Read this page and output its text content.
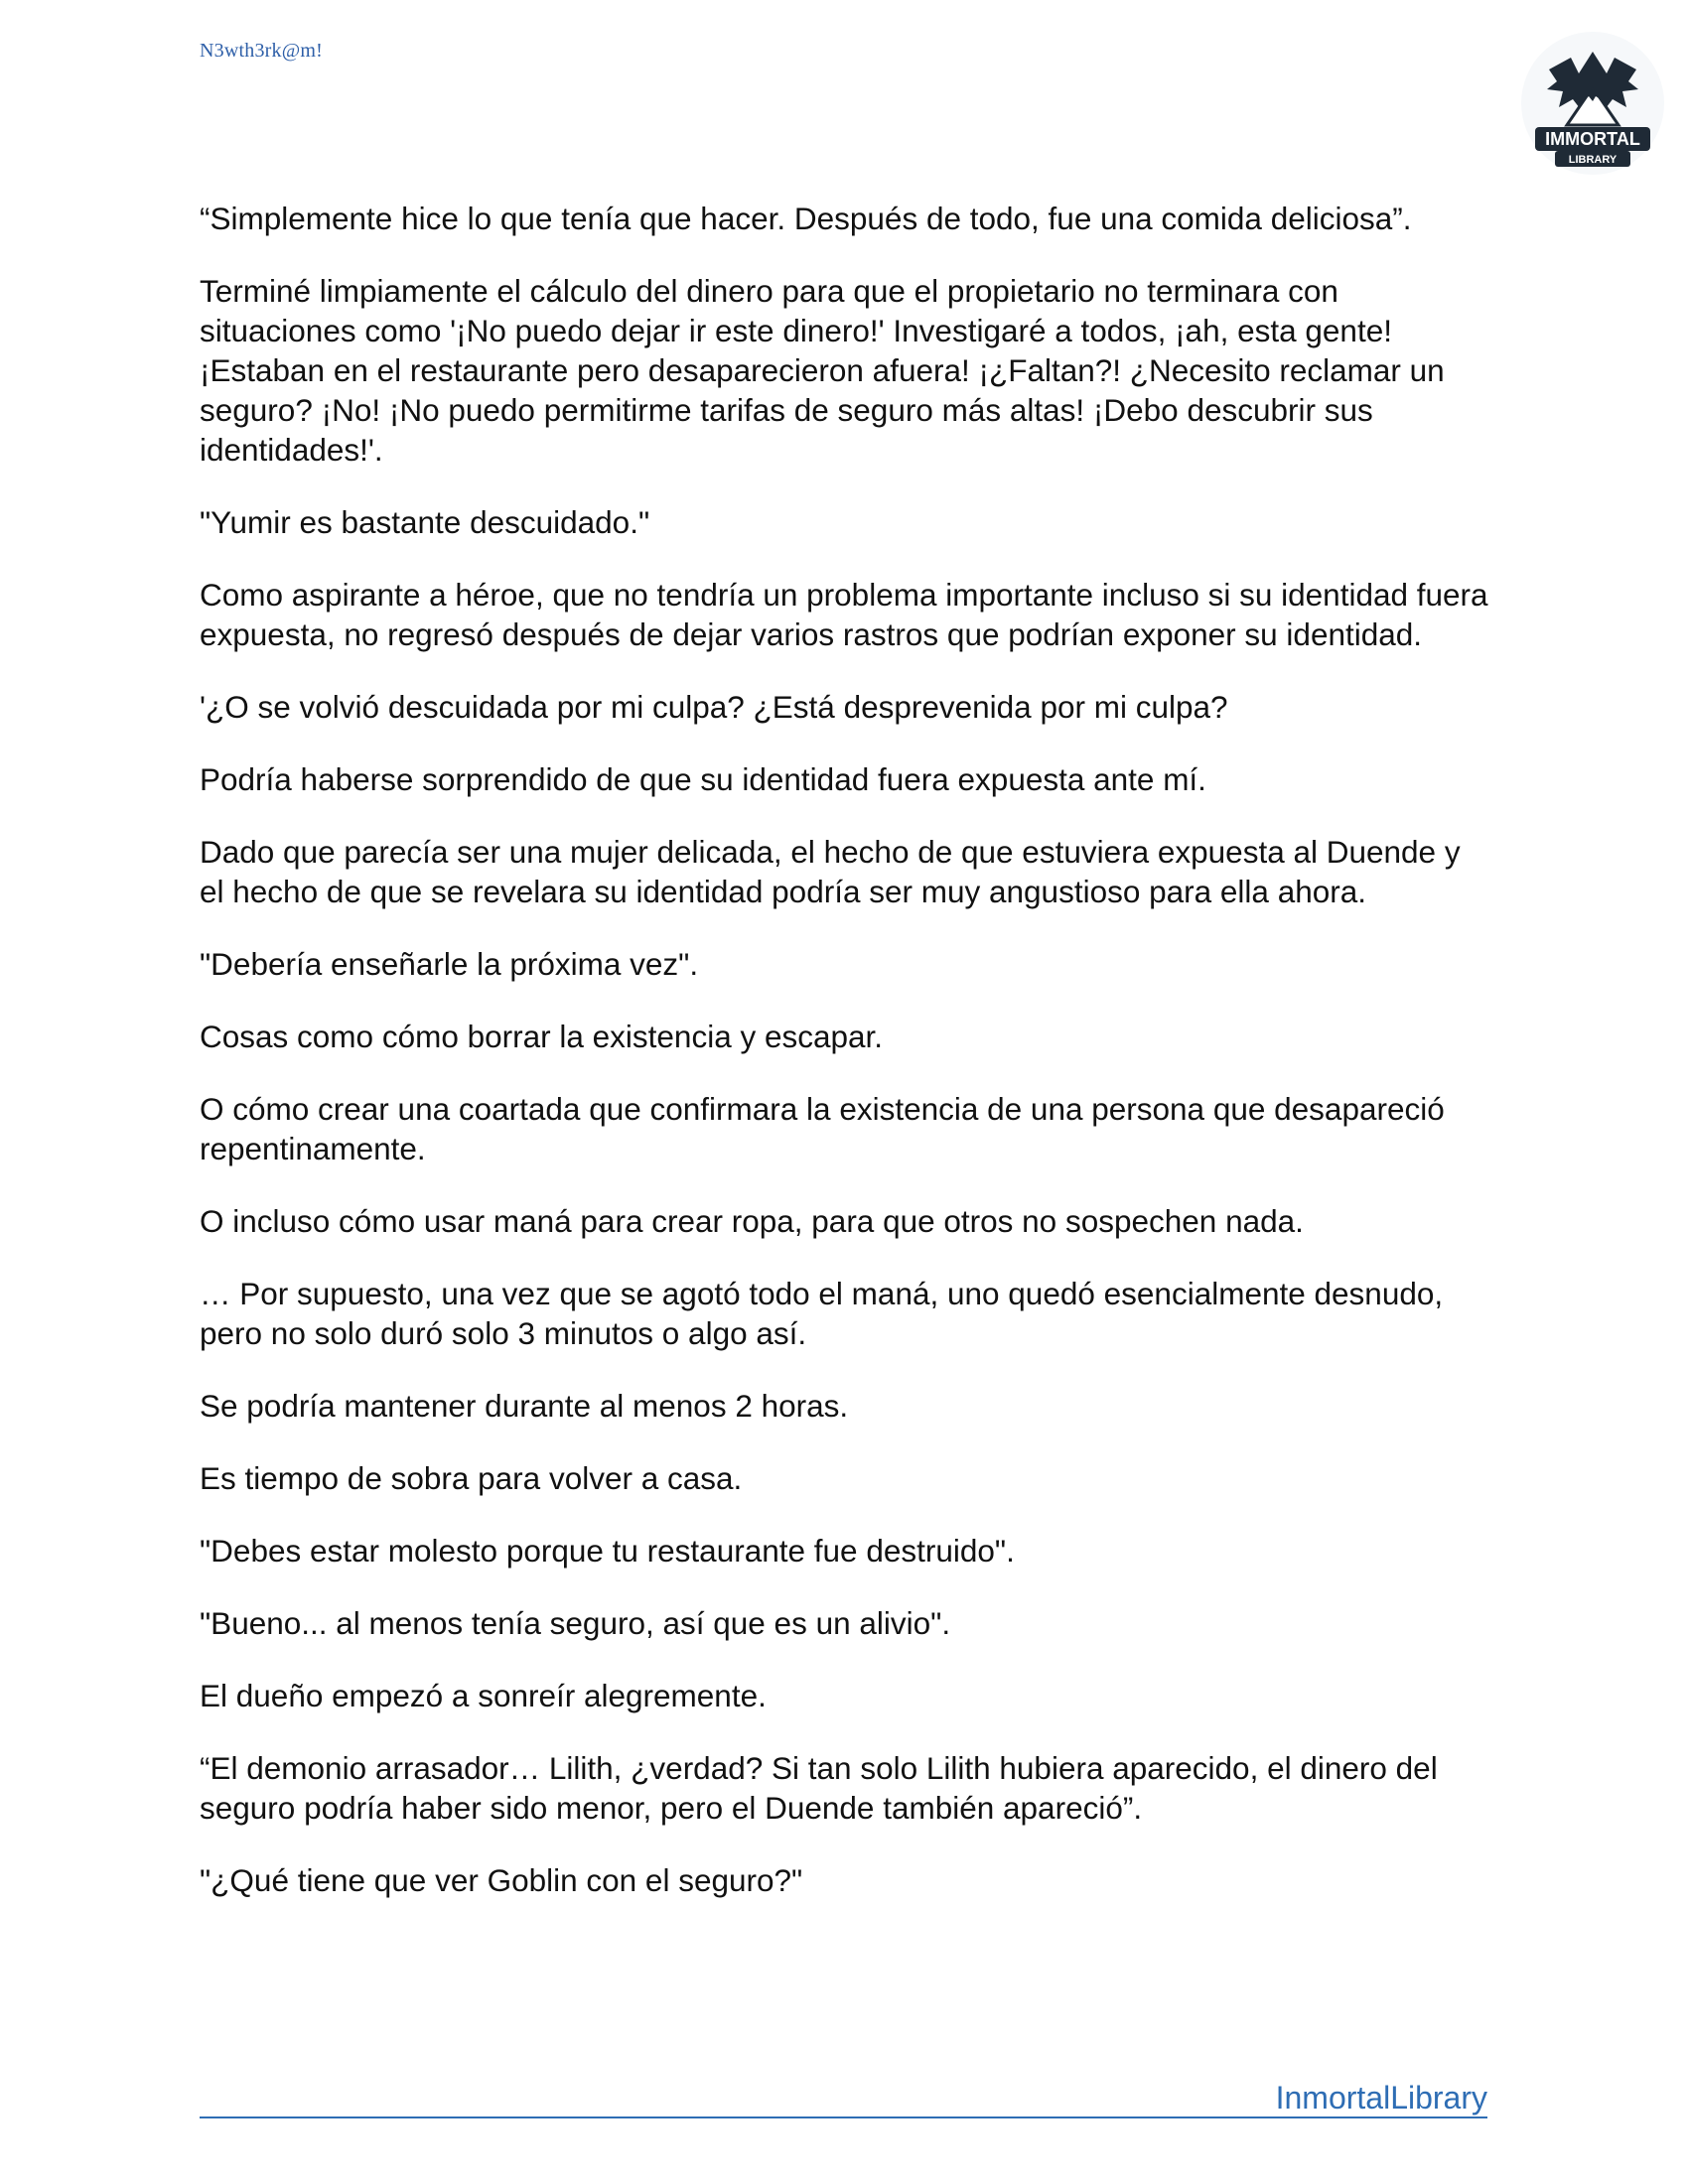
N3wth3rk@m!
IMMORTAL
LIBRARY

“Simplemente hice lo que tenía que hacer. Después de todo, fue una comida deliciosa”.

Terminé limpiamente el cálculo del dinero para que el propietario no terminara con situaciones como '¡No puedo dejar ir este dinero!' Investigaré a todos, ¡ah, esta gente! ¡Estaban en el restaurante pero desaparecieron afuera! ¡¿Faltan?! ¿Necesito reclamar un seguro? ¡No! ¡No puedo permitirme tarifas de seguro más altas! ¡Debo descubrir sus identidades!'.

"Yumir es bastante descuidado."

Como aspirante a héroe, que no tendría un problema importante incluso si su identidad fuera expuesta, no regresó después de dejar varios rastros que podrían exponer su identidad.

'¿O se volvió descuidada por mi culpa? ¿Está desprevenida por mi culpa?

Podría haberse sorprendido de que su identidad fuera expuesta ante mí.

Dado que parecía ser una mujer delicada, el hecho de que estuviera expuesta al Duende y el hecho de que se revelara su identidad podría ser muy angustioso para ella ahora.

"Debería enseñarle la próxima vez".

Cosas como cómo borrar la existencia y escapar.

O cómo crear una coartada que confirmara la existencia de una persona que desapareció repentinamente.

O incluso cómo usar maná para crear ropa, para que otros no sospechen nada.

… Por supuesto, una vez que se agotó todo el maná, uno quedó esencialmente desnudo, pero no solo duró solo 3 minutos o algo así.

Se podría mantener durante al menos 2 horas.

Es tiempo de sobra para volver a casa.

"Debes estar molesto porque tu restaurante fue destruido".

"Bueno... al menos tenía seguro, así que es un alivio".

El dueño empezó a sonreír alegremente.

“El demonio arrasador… Lilith, ¿verdad? Si tan solo Lilith hubiera aparecido, el dinero del seguro podría haber sido menor, pero el Duende también apareció”.

"¿Qué tiene que ver Goblin con el seguro?"

InmortalLibrary
